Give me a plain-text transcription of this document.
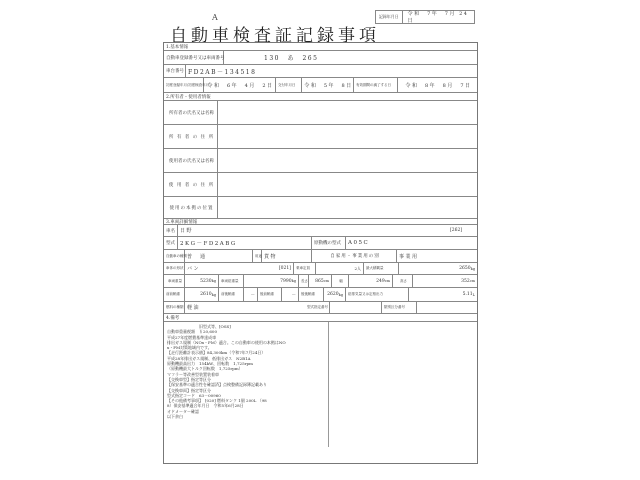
A
自動車検査証記録事項
記録年月日	令和　7年　7月 24日
1.基本情報
自動車登録番号又は車両番号	130　あ　265
車台番号 FD2AB－134518
初度登録年月/初度検査年月
令和　6年　4月　2日	交付年月日	令和　5年　8日 有効期間の満了する日	令和　8年　8月　7日
2.所有者・使用者情報
所有者の氏名又は名称
所 有 者 の 住 所
使用者の氏名又は名称
使 用 者 の 住 所
使用の本拠の位置
3.車両詳細情報
車名	日野	[262]
型式 2KG－FD2ABG	原動機の型式	A05C
自動車の種別 普　通	用途 貨物	自家用・事業用の別	事業用
車体の形状 バン	[021]	乗車定員	2人	最大積載量	2650 kg
車両重量	5230 kg	車両総重量	7990 kg	長さ 865 cm	幅	249 cm	高さ	352 cm
前前軸重	2610 kg	前後軸重	－	後前軸重	－	後後軸重	2620 kg	総排気量又は定格出力	5.11 L
燃料の種類 軽油	型式指定番号	類別区分番号
4.備考
　　　　　　　　旧型式等、[OSS]
自動車重量税額　￥20,600
平成27年度燃費基準達成車
排出ガス規制（NOx・PM）適合。この自動車の使用の本拠はNO
x・PM対策地域内です。
【走行距離計表示値】84,300km（令和7年7月24日）
平成28年排出ガス規制、低排出ガス　N2B1A
原動機最高出力　154kW、回転数　1,725rpm
（原動機最大トルク回転数　1,725rpm）
マフラー等改善型装置装着車
【交換車型】指定等区分
【保安基準の適合性を確認済】点検整備記録簿記載あり
【交換車両】指定等区分
型式指定コード　63－00960
【その他備考事項】　[020] 燃料タンク 1個 200L （98
8）保安基準適合年月日　令和5年6月28日
オドメーター確認
以下余白
